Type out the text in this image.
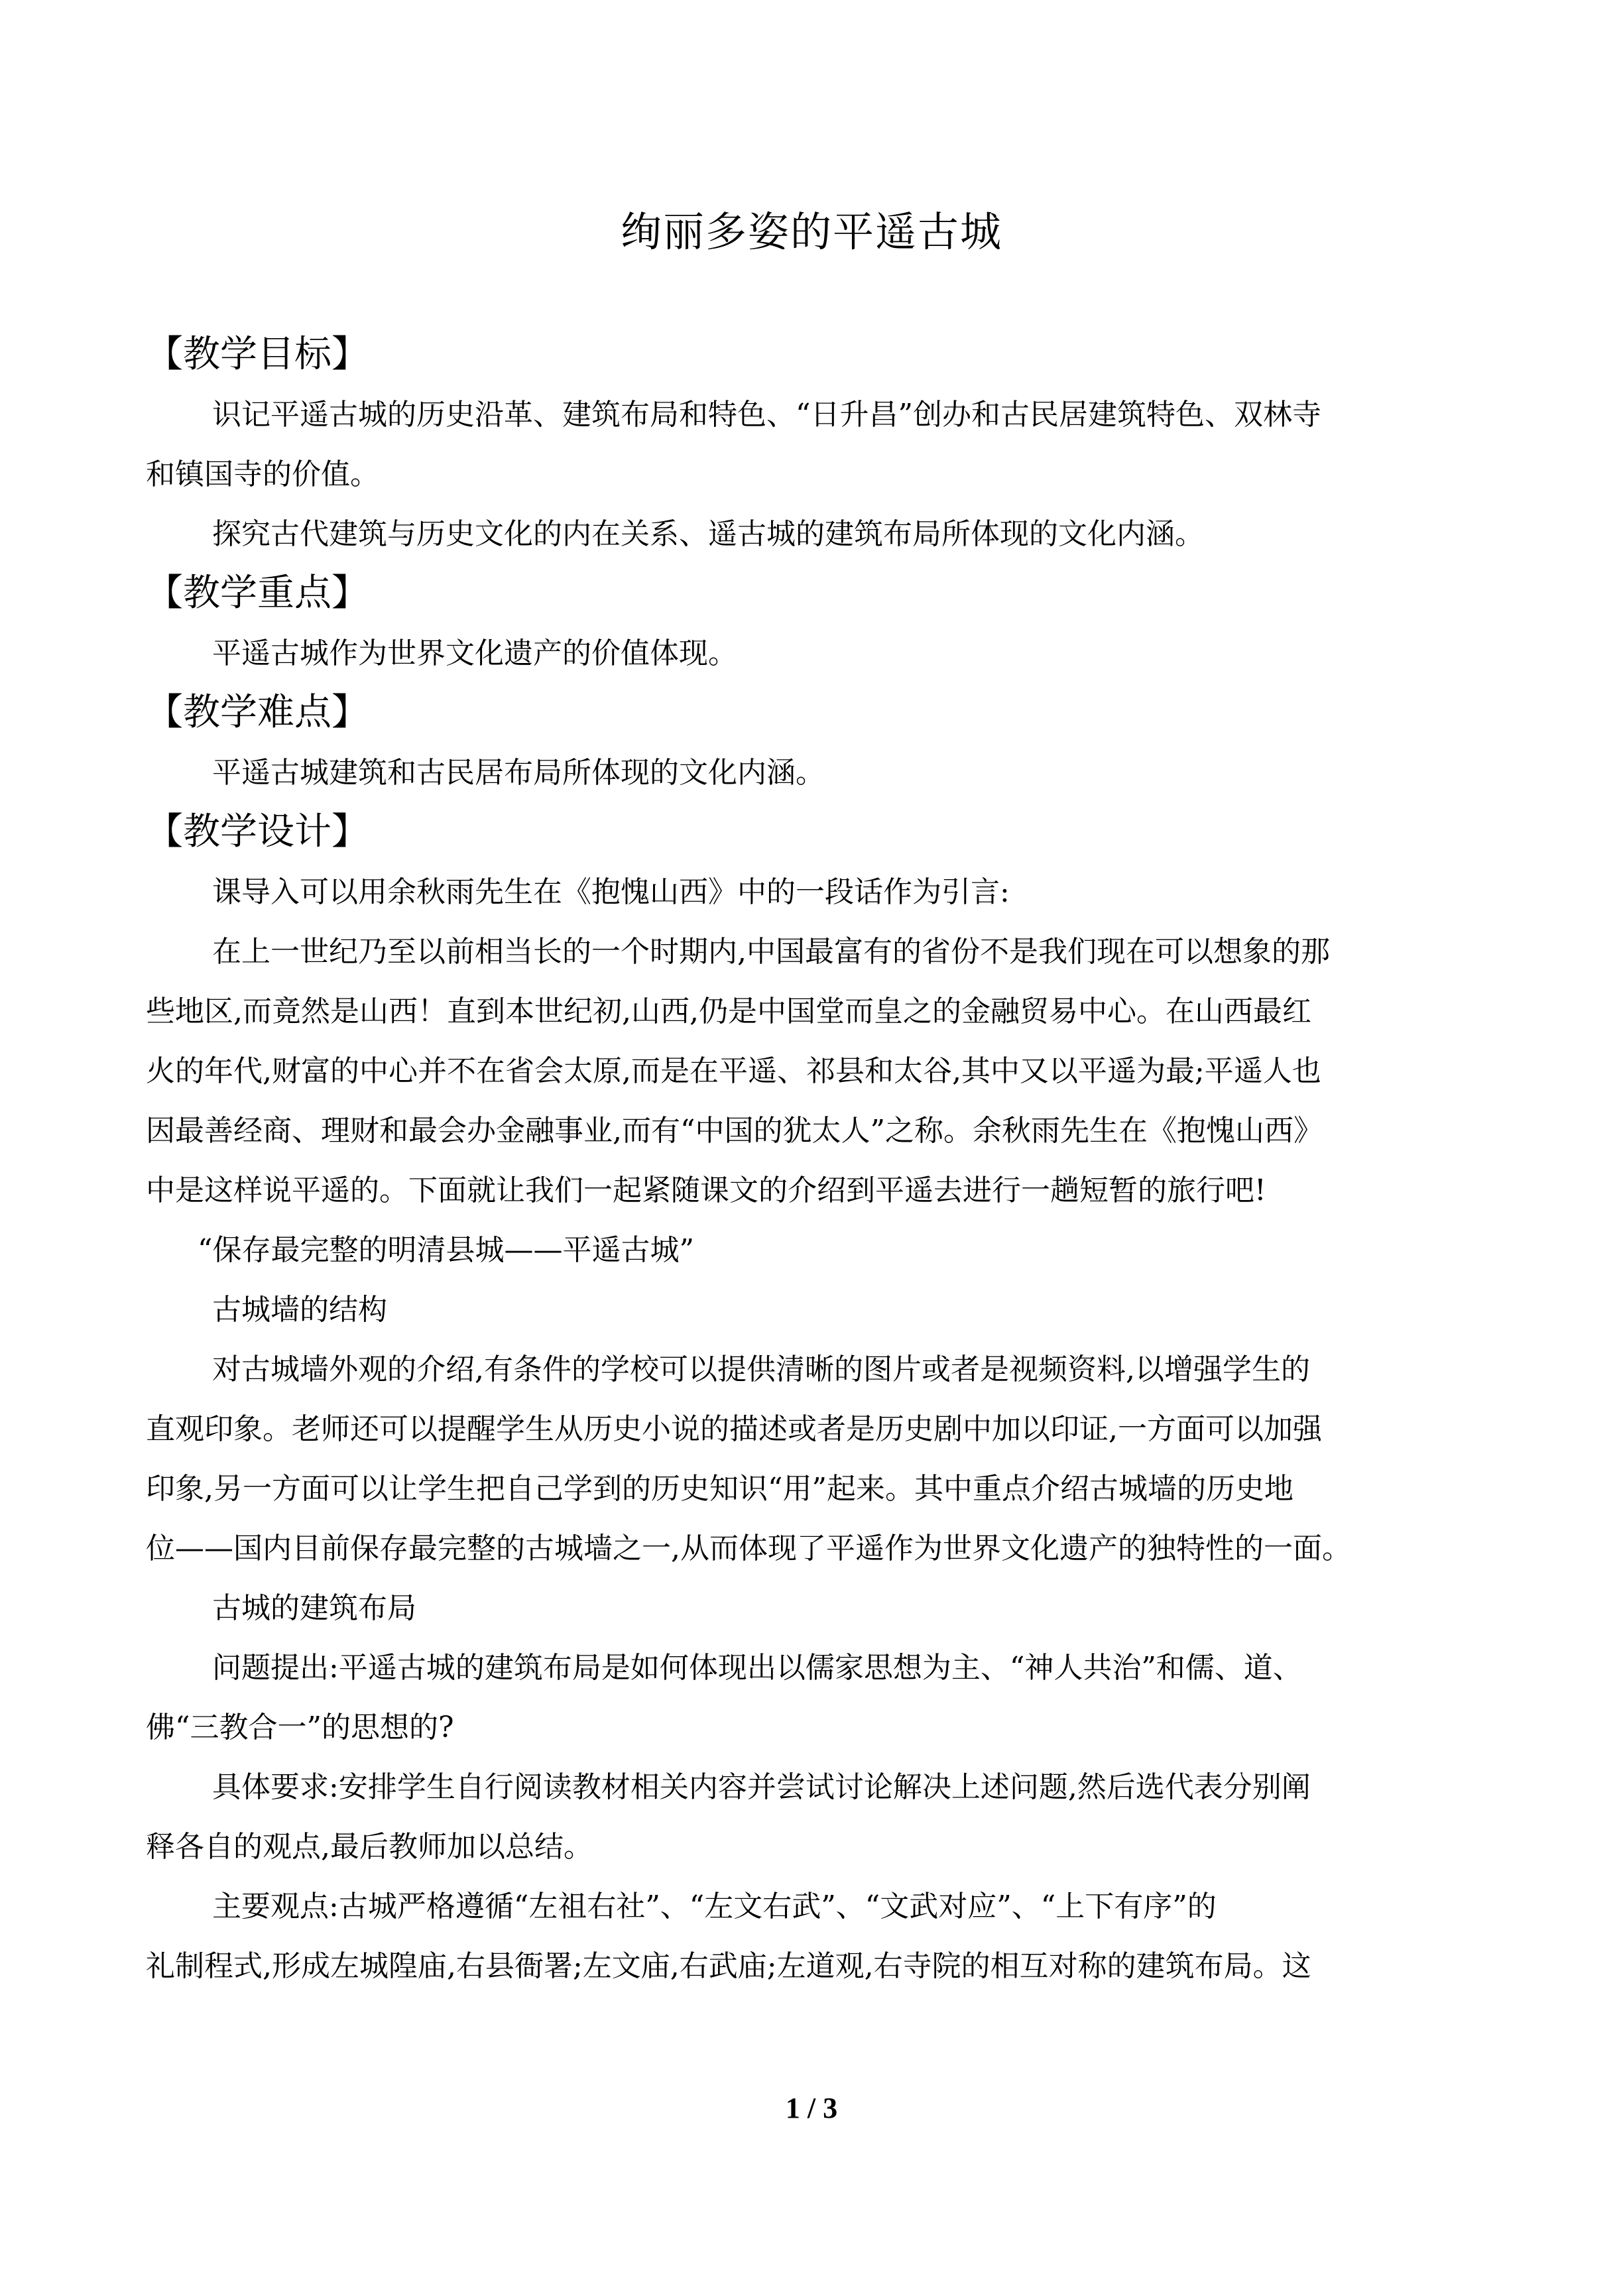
绚丽多姿的平遥古城
【教学目标】

识记平遥古城的历史沿革、建筑布局和特色、“日升昌”创办和古民居建筑特色、双林寺

和镇国寺的价值。

探究古代建筑与历史文化的内在关系、遥古城的建筑布局所体现的文化内涵。

【教学重点】

平遥古城作为世界文化遗产的价值体现。

【教学难点】

平遥古城建筑和古民居布局所体现的文化内涵。

【教学设计】

课导入可以用余秋雨先生在《抱愧山西》中的一段话作为引言:

在上一世纪乃至以前相当长的一个时期内,中国最富有的省份不是我们现在可以想象的那

些地区,而竟然是山西！直到本世纪初,山西,仍是中国堂而皇之的金融贸易中心。在山西最红

火的年代,财富的中心并不在省会太原,而是在平遥、祁县和太谷,其中又以平遥为最;平遥人也

因最善经商、理财和最会办金融事业,而有“中国的犹太人”之称。余秋雨先生在《抱愧山西》

中是这样说平遥的。下面就让我们一起紧随课文的介绍到平遥去进行一趟短暂的旅行吧!

“保存最完整的明清县城——平遥古城”

古城墙的结构

对古城墙外观的介绍,有条件的学校可以提供清晰的图片或者是视频资料,以增强学生的

直观印象。老师还可以提醒学生从历史小说的描述或者是历史剧中加以印证,一方面可以加强

印象,另一方面可以让学生把自己学到的历史知识“用”起来。其中重点介绍古城墙的历史地

位——国内目前保存最完整的古城墙之一,从而体现了平遥作为世界文化遗产的独特性的一面。

古城的建筑布局

问题提出:平遥古城的建筑布局是如何体现出以儒家思想为主、“神人共治”和儒、道、

佛“三教合一”的思想的?

具体要求:安排学生自行阅读教材相关内容并尝试讨论解决上述问题,然后选代表分别阐

释各自的观点,最后教师加以总结。

主要观点:古城严格遵循“左祖右社”、“左文右武”、“文武对应”、“上下有序”的

礼制程式,形成左城隍庙,右县衙署;左文庙,右武庙;左道观,右寺院的相互对称的建筑布局。这

1 / 3
